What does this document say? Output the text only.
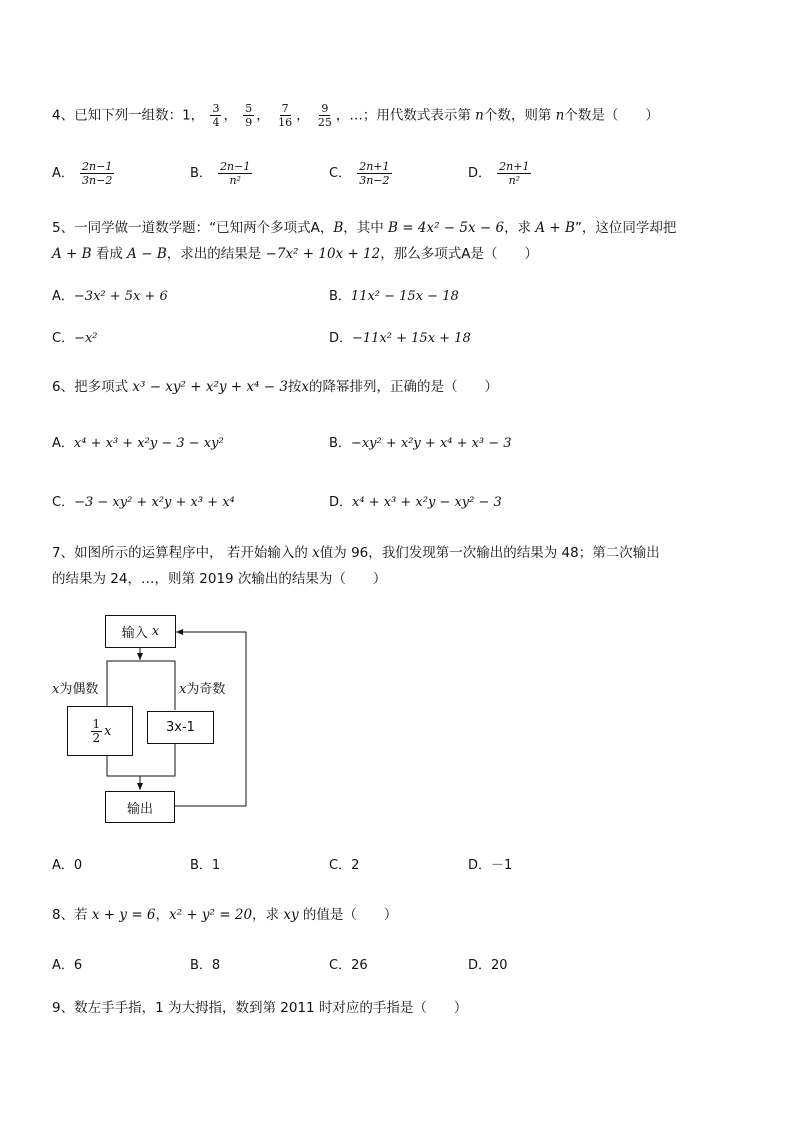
4、已知下列一组数：1， $\frac{3}{4}$ ， $\frac{5}{9}$ ， $\frac{7}{16}$ ， $\frac{9}{25}$ ，…；用代数式表示第 n个数，则第 n个数是（　　）
A． $\frac{2n-1}{3n-2}$	B． $\frac{2n-1}{\text{n²}}$	C． $\frac{2n+1}{3n-2}$	D． $\frac{2n+1}{\text{n²}}$
5、一同学做一道数学题：“已知两个多项式A，B，其中 B = 4x² − 5x − 6，求 A + B”，这位同学却把
A + B 看成 A − B，求出的结果是 −7x² + 10x + 12，那么多项式A是（　　）
A．−3x² + 5x + 6	B．11x² − 15x − 18
C．−x²	D．−11x² + 15x + 18
6、把多项式 x³ − xy² + x²y + x⁴ − 3按x的降幂排列，正确的是（　　）
A．x⁴ + x³ + x²y − 3 − xy²	B．−xy² + x²y + x⁴ + x³ − 3
C．−3 − xy² + x²y + x³ + x⁴	D．x⁴ + x³ + x²y − xy² − 3
7、如图所示的运算程序中， 若开始输入的 x值为 96，我们发现第一次输出的结果为 48；第二次输出
的结果为 24，…，则第 2019 次输出的结果为（　　）
输入
x
x为偶数	x为奇数
$\frac{1}{2}$ x	3x-1
输出
A．0	B．1	C．2	D．－1
8、若 x + y = 6，x² + y² = 20，求 xy 的值是（　　）
A．6	B．8	C．26	D．20
9、数左手手指，1 为大拇指，数到第 2011 时对应的手指是（　　）
